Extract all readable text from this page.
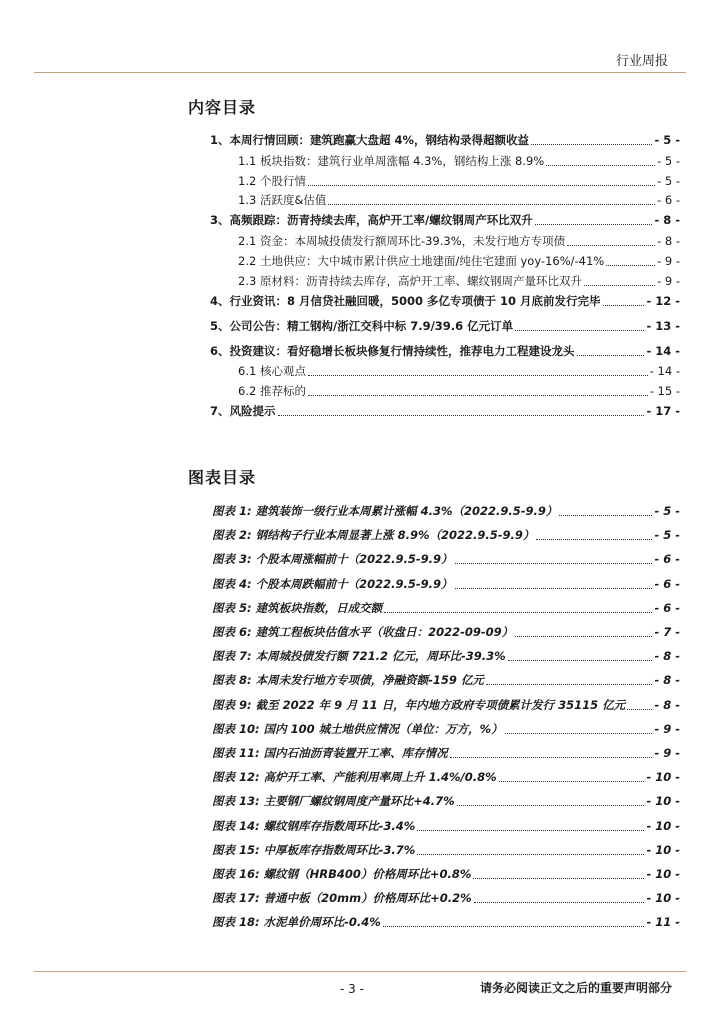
行业周报
内容目录
1、本周行情回顾：建筑跑赢大盘超 4%，钢结构录得超额收益	- 5 -
1.1 板块指数：建筑行业单周涨幅 4.3%，钢结构上涨 8.9%	- 5 -
1.2 个股行情	- 5 -
1.3 活跃度&估值	- 6 -
3、高频跟踪：沥青持续去库，高炉开工率/螺纹钢周产环比双升	- 8 -
2.1 资金：本周城投债发行额周环比-39.3%，未发行地方专项债	- 8 -
2.2 土地供应：大中城市累计供应土地建面/纯住宅建面 yoy-16%/-41%	- 9 -
2.3 原材料：沥青持续去库存，高炉开工率、螺纹钢周产量环比双升	- 9 -
4、行业资讯：8 月信贷社融回暖，5000 多亿专项债于 10 月底前发行完毕	- 12 -
5、公司公告：精工钢构/浙江交科中标 7.9/39.6 亿元订单	- 13 -
6、投资建议：看好稳增长板块修复行情持续性，推荐电力工程建设龙头	- 14 -
6.1 核心观点	- 14 -
6.2 推荐标的	- 15 -
7、风险提示	- 17 -
图表目录
图表 1: 建筑装饰一级行业本周累计涨幅 4.3%（2022.9.5-9.9）	- 5 -
图表 2: 钢结构子行业本周显著上涨 8.9%（2022.9.5-9.9）	- 5 -
图表 3: 个股本周涨幅前十（2022.9.5-9.9）	- 6 -
图表 4: 个股本周跌幅前十（2022.9.5-9.9）	- 6 -
图表 5: 建筑板块指数，日成交额	- 6 -
图表 6: 建筑工程板块估值水平（收盘日：2022-09-09）	- 7 -
图表 7: 本周城投债发行额 721.2 亿元，周环比-39.3%	- 8 -
图表 8: 本周未发行地方专项债，净融资额-159 亿元	- 8 -
图表 9: 截至 2022 年 9 月 11 日，年内地方政府专项债累计发行 35115 亿元	- 8 -
图表 10: 国内 100 城土地供应情况（单位：万方，%）	- 9 -
图表 11: 国内石油沥青装置开工率、库存情况	- 9 -
图表 12: 高炉开工率、产能利用率周上升 1.4%/0.8%	- 10 -
图表 13: 主要钢厂螺纹钢周度产量环比+4.7%	- 10 -
图表 14: 螺纹钢库存指数周环比-3.4%	- 10 -
图表 15: 中厚板库存指数周环比-3.7%	- 10 -
图表 16: 螺纹钢（HRB400）价格周环比+0.8%	- 10 -
图表 17: 普通中板（20mm）价格周环比+0.2%	- 10 -
图表 18: 水泥单价周环比-0.4%	- 11 -
- 3 -	请务必阅读正文之后的重要声明部分
